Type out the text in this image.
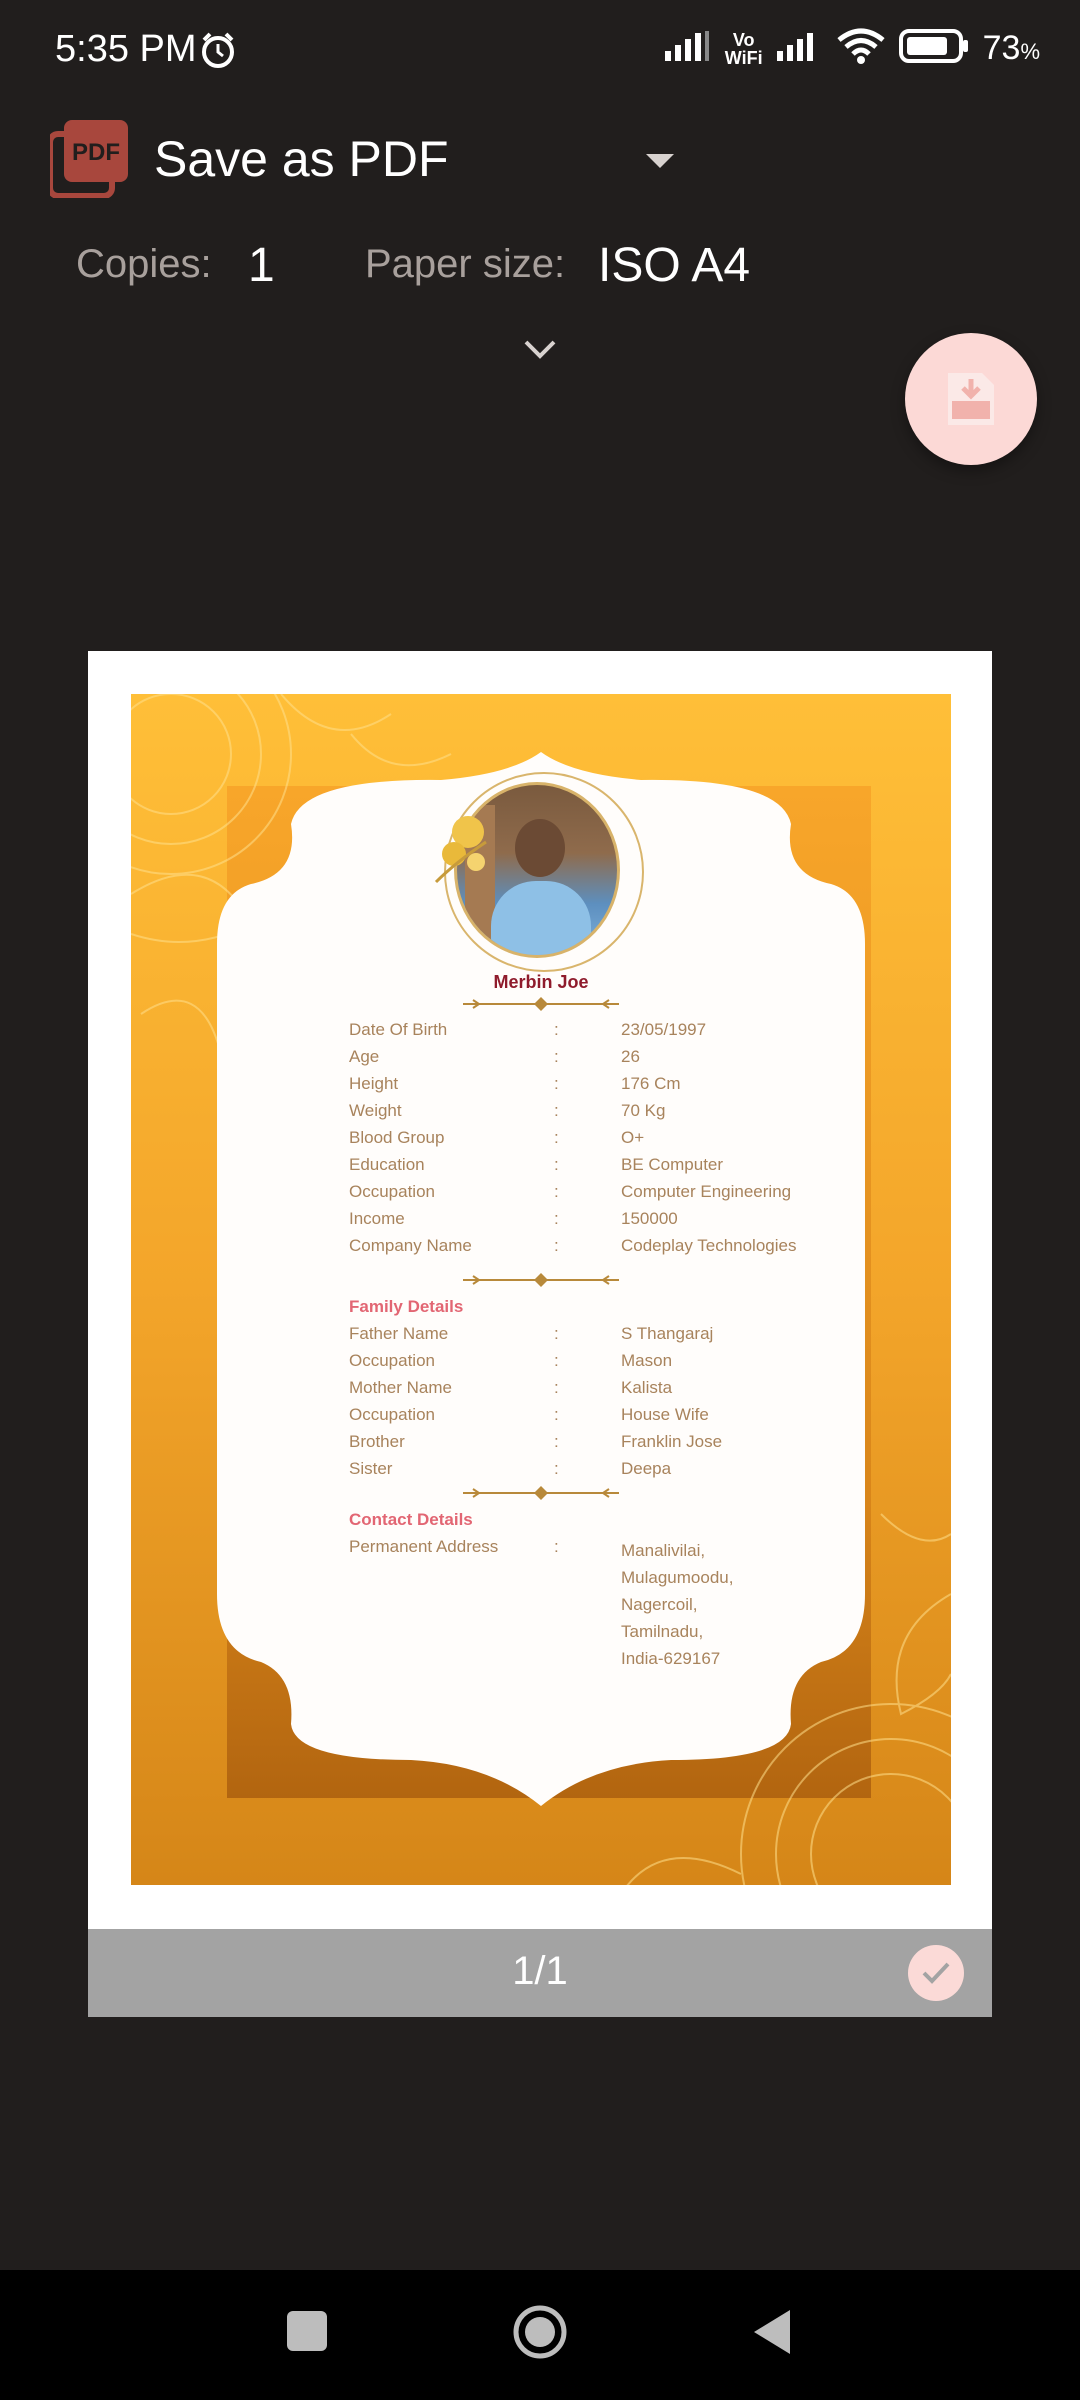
5:35 PM	Vo
WiFi	73%
PDF Save as PDF
Copies: 1 Paper size: ISO A4
Merbin Joe
Date Of Birth	:	23/05/1997
Age	:	26
Height	:	176 Cm
Weight	:	70 Kg
Blood Group	:	O+
Education	:	BE Computer
Occupation	:	Computer Engineering
Income	:	150000
Company Name	:	Codeplay Technologies
Family Details
Father Name	:	S Thangaraj
Occupation	:	Mason
Mother Name	:	Kalista
Occupation	:	House Wife
Brother	:	Franklin Jose
Sister	:	Deepa
Contact Details
Permanent Address	:	Manalivilai,
Mulagumoodu,
Nagercoil,
Tamilnadu,
India-629167
1/1
